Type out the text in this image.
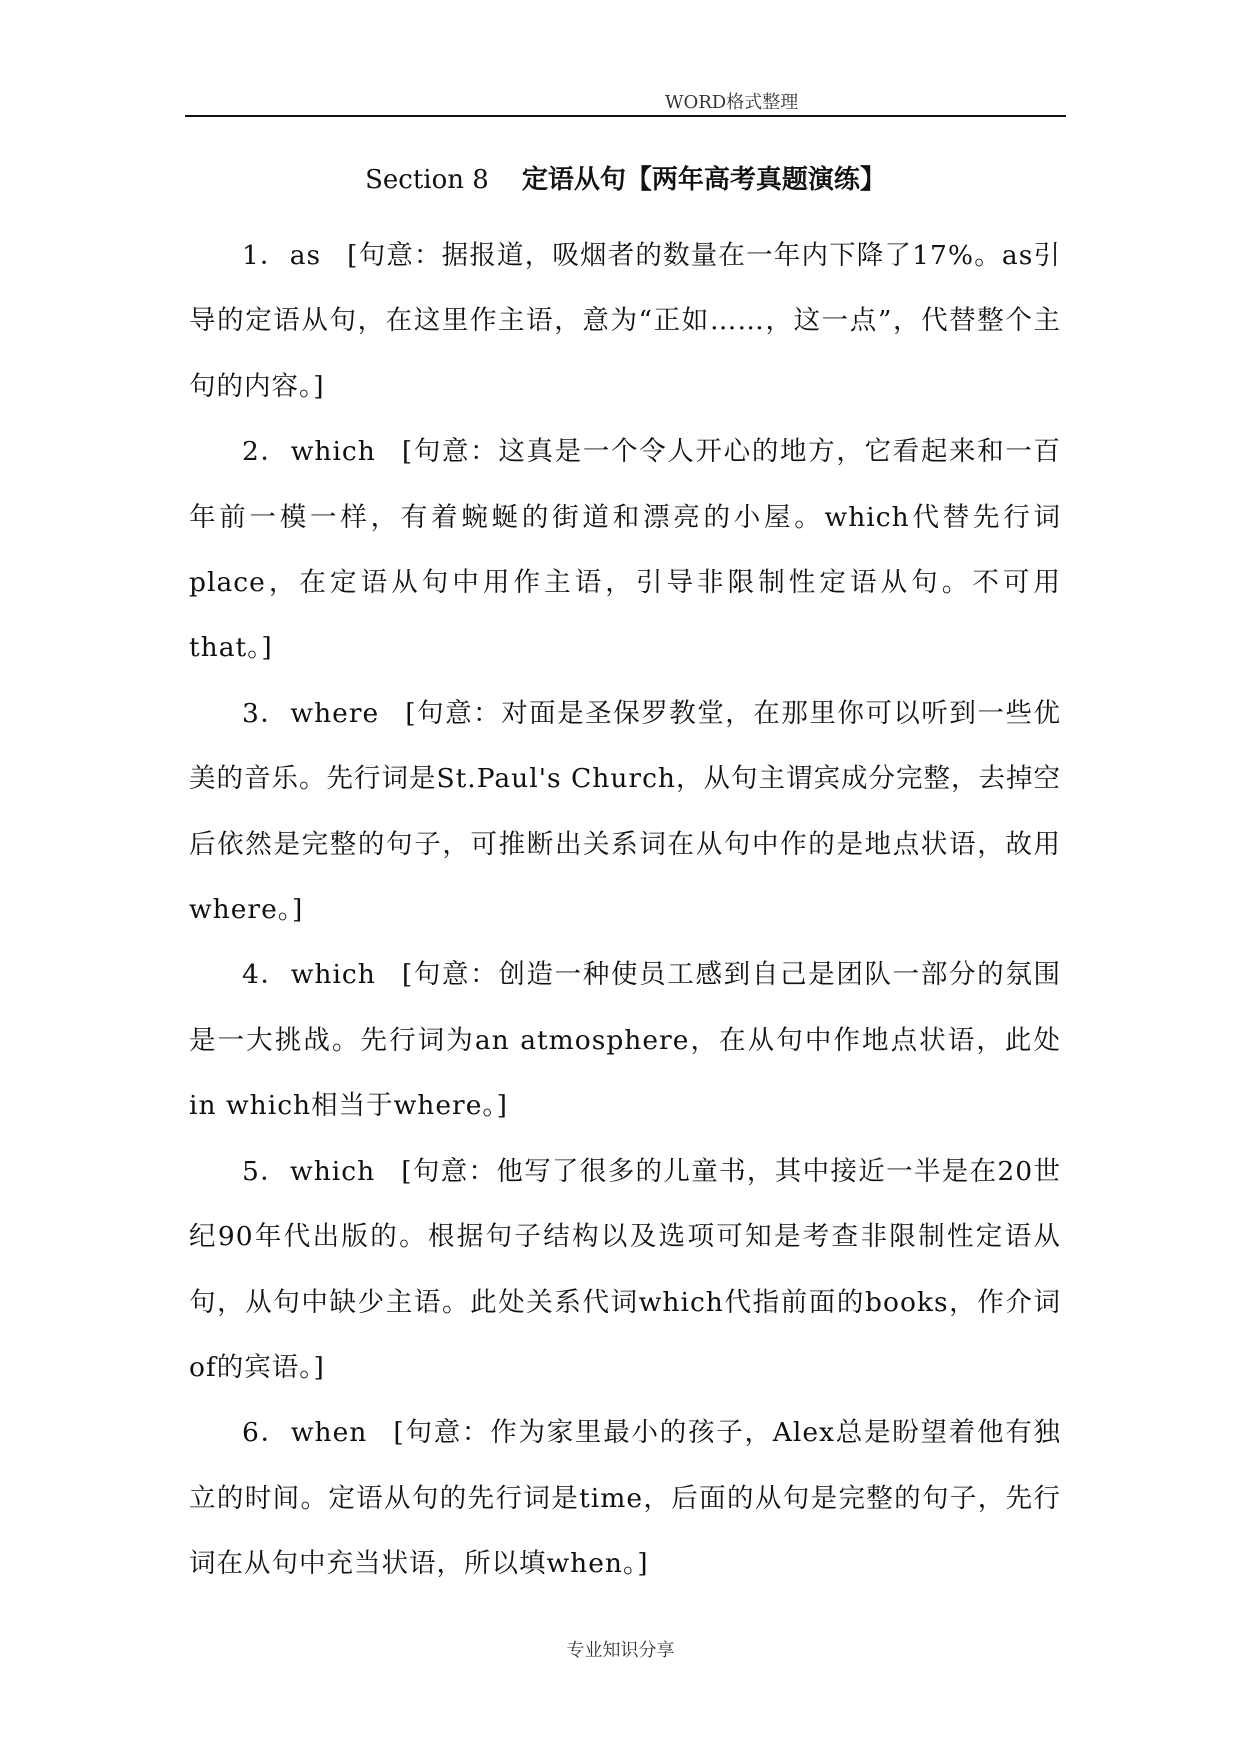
WORD格式整理
Section 8 定语从句【两年高考真题演练】

1．as [句意：据报道，吸烟者的数量在一年内下降了17%。as引导的定语从句，在这里作主语，意为“正如……，这一点”，代替整个主句的内容。]

2．which [句意：这真是一个令人开心的地方，它看起来和一百年前一模一样，有着蜿蜒的街道和漂亮的小屋。which代替先行词place，在定语从句中用作主语，引导非限制性定语从句。不可用that。]

3．where [句意：对面是圣保罗教堂，在那里你可以听到一些优美的音乐。先行词是St.Paul's Church，从句主谓宾成分完整，去掉空后依然是完整的句子，可推断出关系词在从句中作的是地点状语，故用where。]

4．which [句意：创造一种使员工感到自己是团队一部分的氛围是一大挑战。先行词为an atmosphere，在从句中作地点状语，此处in which相当于where。]

5．which [句意：他写了很多的儿童书，其中接近一半是在20世纪90年代出版的。根据句子结构以及选项可知是考查非限制性定语从句，从句中缺少主语。此处关系代词which代指前面的books，作介词of的宾语。]

6．when [句意：作为家里最小的孩子，Alex总是盼望着他有独立的时间。定语从句的先行词是time，后面的从句是完整的句子，先行词在从句中充当状语，所以填when。]

专业知识分享
